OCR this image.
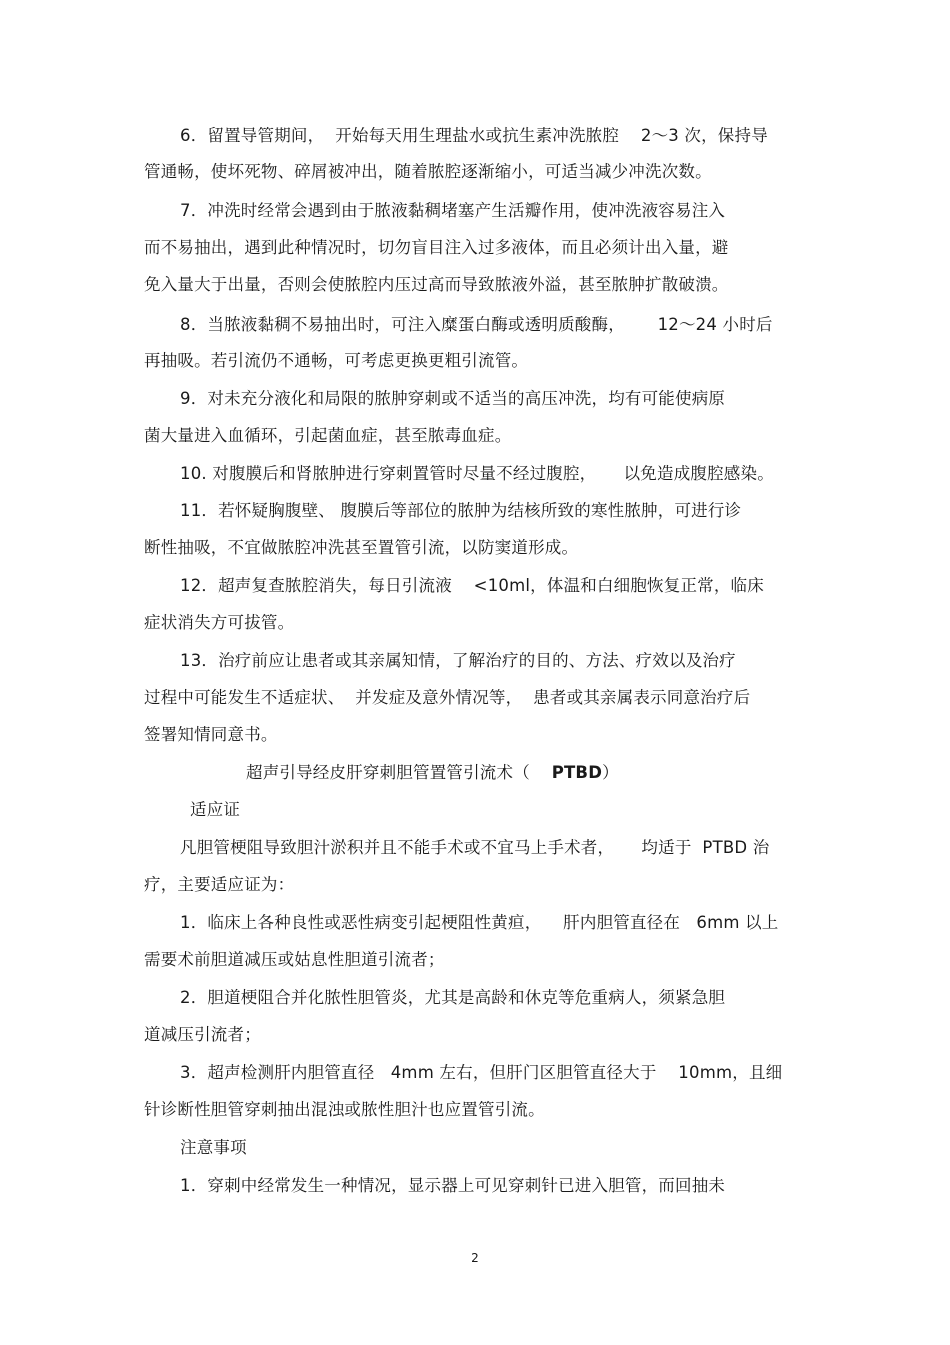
6．留置导管期间，  开始每天用生理盐水或抗生素冲洗脓腔    2～3 次，保持导
管通畅，使坏死物、碎屑被冲出，随着脓腔逐渐缩小，可适当减少冲洗次数。
7．冲洗时经常会遇到由于脓液黏稠堵塞产生活瓣作用，使冲洗液容易注入
而不易抽出，遇到此种情况时，切勿盲目注入过多液体，而且必须计出入量，避
免入量大于出量，否则会使脓腔内压过高而导致脓液外溢，甚至脓肿扩散破溃。
8．当脓液黏稠不易抽出时，可注入糜蛋白酶或透明质酸酶，      12～24 小时后
再抽吸。若引流仍不通畅，可考虑更换更粗引流管。
9．对未充分液化和局限的脓肿穿刺或不适当的高压冲洗，均有可能使病原
菌大量进入血循环，引起菌血症，甚至脓毒血症。
10. 对腹膜后和肾脓肿进行穿刺置管时尽量不经过腹腔，     以免造成腹腔感染。
11．若怀疑胸腹壁、 腹膜后等部位的脓肿为结核所致的寒性脓肿，可进行诊
断性抽吸，不宜做脓腔冲洗甚至置管引流，以防窦道形成。
12．超声复查脓腔消失，每日引流液    <10ml，体温和白细胞恢复正常，临床
症状消失方可拔管。
13．治疗前应让患者或其亲属知情，了解治疗的目的、方法、疗效以及治疗
过程中可能发生不适症状、  并发症及意外情况等，  患者或其亲属表示同意治疗后
签署知情同意书。
超声引导经皮肝穿刺胆管置管引流术（    PTBD）
适应证
凡胆管梗阻导致胆汁淤积并且不能手术或不宜马上手术者，     均适于  PTBD 治
疗，主要适应证为：
1．临床上各种良性或恶性病变引起梗阻性黄疸，    肝内胆管直径在   6mm 以上
需要术前胆道减压或姑息性胆道引流者；
2．胆道梗阻合并化脓性胆管炎，尤其是高龄和休克等危重病人，须紧急胆
道减压引流者；
3．超声检测肝内胆管直径   4mm 左右，但肝门区胆管直径大于    10mm，且细
针诊断性胆管穿刺抽出混浊或脓性胆汁也应置管引流。
注意事项
1．穿刺中经常发生一种情况，显示器上可见穿刺针已进入胆管，而回抽未
2
